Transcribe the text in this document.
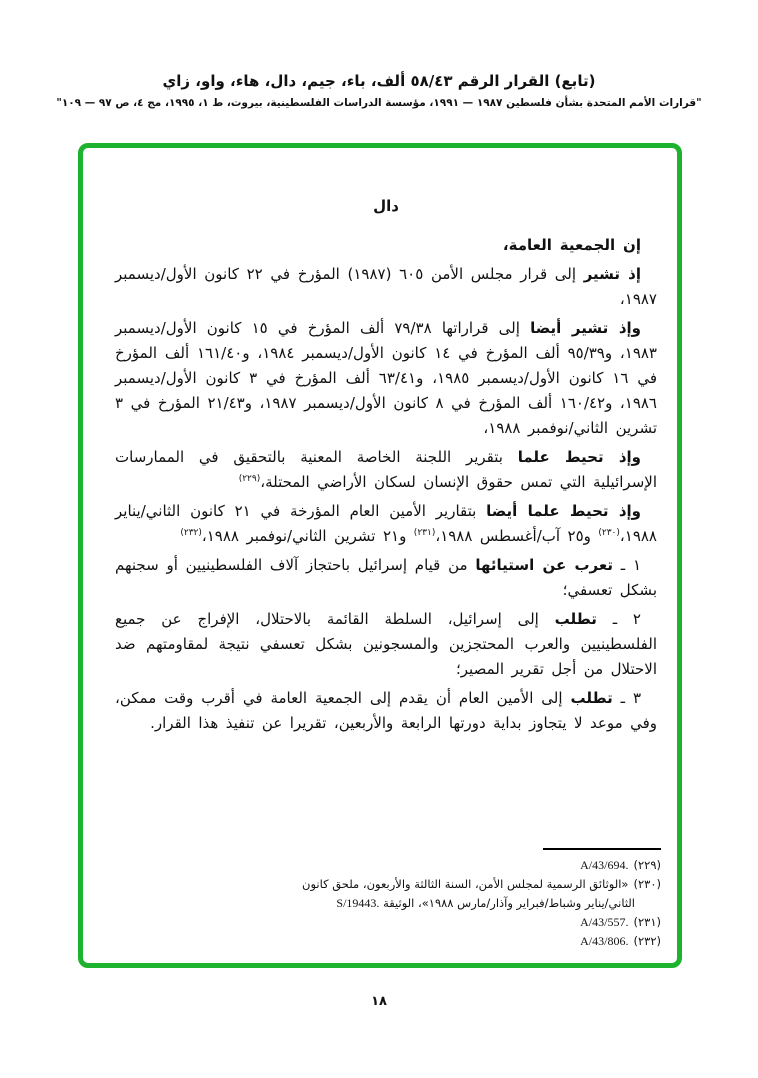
(تابع) القرار الرقم ٥٨/٤٣ ألف، باء، جيم، دال، هاء، واو، زاي
"قرارات الأمم المتحدة بشأن فلسطين ١٩٨٧ — ١٩٩١، مؤسسة الدراسات الفلسطينية، بيروت، ط ١، ١٩٩٥، مج ٤، ص ٩٧ — ١٠٩"
دال
إن الجمعية العامة،
إذ تشير إلى قرار مجلس الأمن ٦٠٥ (١٩٨٧) المؤرخ في ٢٢ كانون الأول/ديسمبر ١٩٨٧،
وإذ تشير أيضا إلى قراراتها ٧٩/٣٨ ألف المؤرخ في ١٥ كانون الأول/ديسمبر ١٩٨٣، و٩٥/٣٩ ألف المؤرخ في ١٤ كانون الأول/ديسمبر ١٩٨٤، و١٦١/٤٠ ألف المؤرخ في ١٦ كانون الأول/ديسمبر ١٩٨٥، و٦٣/٤١ ألف المؤرخ في ٣ كانون الأول/ديسمبر ١٩٨٦، و١٦٠/٤٢ ألف المؤرخ في ٨ كانون الأول/ديسمبر ١٩٨٧، و٢١/٤٣ المؤرخ في ٣ تشرين الثاني/نوفمبر ١٩٨٨،
وإذ تحيط علما بتقرير اللجنة الخاصة المعنية بالتحقيق في الممارسات الإسرائيلية التي تمس حقوق الإنسان لسكان الأراضي المحتلة،$^{(٢٢٩)}$
وإذ تحيط علما أيضا بتقارير الأمين العام المؤرخة في ٢١ كانون الثاني/يناير ١٩٨٨،$^{(٢٣٠)}$ و٢٥ آب/أغسطس ١٩٨٨،$^{(٢٣١)}$ و٢١ تشرين الثاني/نوفمبر ١٩٨٨،$^{(٢٣٢)}$
١ ـ تعرب عن استيائها من قيام إسرائيل باحتجاز آلاف الفلسطينيين أو سجنهم بشكل تعسفي؛
٢ ـ تطلب إلى إسرائيل، السلطة القائمة بالاحتلال، الإفراج عن جميع الفلسطينيين والعرب المحتجزين والمسجونين بشكل تعسفي نتيجة لمقاومتهم ضد الاحتلال من أجل تقرير المصير؛
٣ ـ تطلب إلى الأمين العام أن يقدم إلى الجمعية العامة في أقرب وقت ممكن، وفي موعد لا يتجاوز بداية دورتها الرابعة والأربعين، تقريرا عن تنفيذ هذا القرار.
(٢٢٩)A/43/694.
(٢٣٠)«الوثائق الرسمية لمجلس الأمن، السنة الثالثة والأربعون، ملحق كانون الثاني/يناير وشباط/فبراير وآذار/مارس ١٩٨٨»، الوثيقة S/19443.
(٢٣١)A/43/557.
(٢٣٢)A/43/806.
١٨
